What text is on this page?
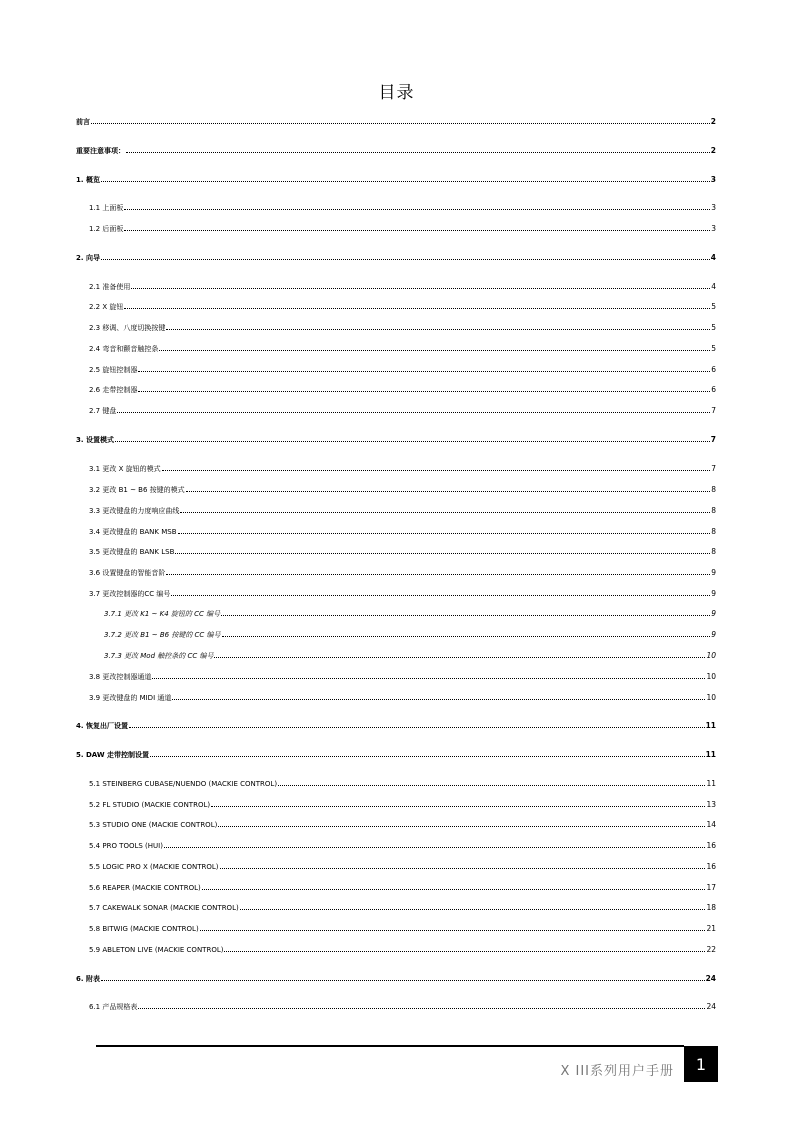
目录
前言	2
重要注意事项：	2
1. 概览	3
1.1 上面板	3
1.2 后面板	3
2. 向导	4
2.1 准备使用	4
2.2 X 旋钮	5
2.3 移调、八度切换按键	5
2.4 弯音和颤音触控条	5
2.5 旋钮控制器	6
2.6 走带控制器	6
2.7 键盘	7
3. 设置模式	7
3.1 更改 X 旋钮的模式	7
3.2 更改 B1 ~ B6 按键的模式	8
3.3 更改键盘的力度响应曲线	8
3.4 更改键盘的 BANK MSB	8
3.5 更改键盘的 BANK LSB	8
3.6 设置键盘的智能音阶	9
3.7 更改控制器的CC 编号	9
3.7.1 更改 K1 ~ K4 旋钮的 CC 编号	9
3.7.2 更改 B1 ~ B6 按键的 CC 编号	9
3.7.3 更改 Mod 触控条的 CC 编号	10
3.8 更改控制器通道	10
3.9 更改键盘的 MIDI 通道	10
4. 恢复出厂设置	11
5. DAW 走带控制设置	11
5.1 STEINBERG CUBASE/NUENDO (MACKIE CONTROL)	11
5.2 FL STUDIO (MACKIE CONTROL)	13
5.3 STUDIO ONE (MACKIE CONTROL)	14
5.4 PRO TOOLS (HUI)	16
5.5 LOGIC PRO X (MACKIE CONTROL)	16
5.6 REAPER (MACKIE CONTROL)	17
5.7 CAKEWALK SONAR (MACKIE CONTROL)	18
5.8 BITWIG (MACKIE CONTROL)	21
5.9 ABLETON LIVE (MACKIE CONTROL)	22
6. 附表	24
6.1 产品规格表	24
X III系列用户手册	1
